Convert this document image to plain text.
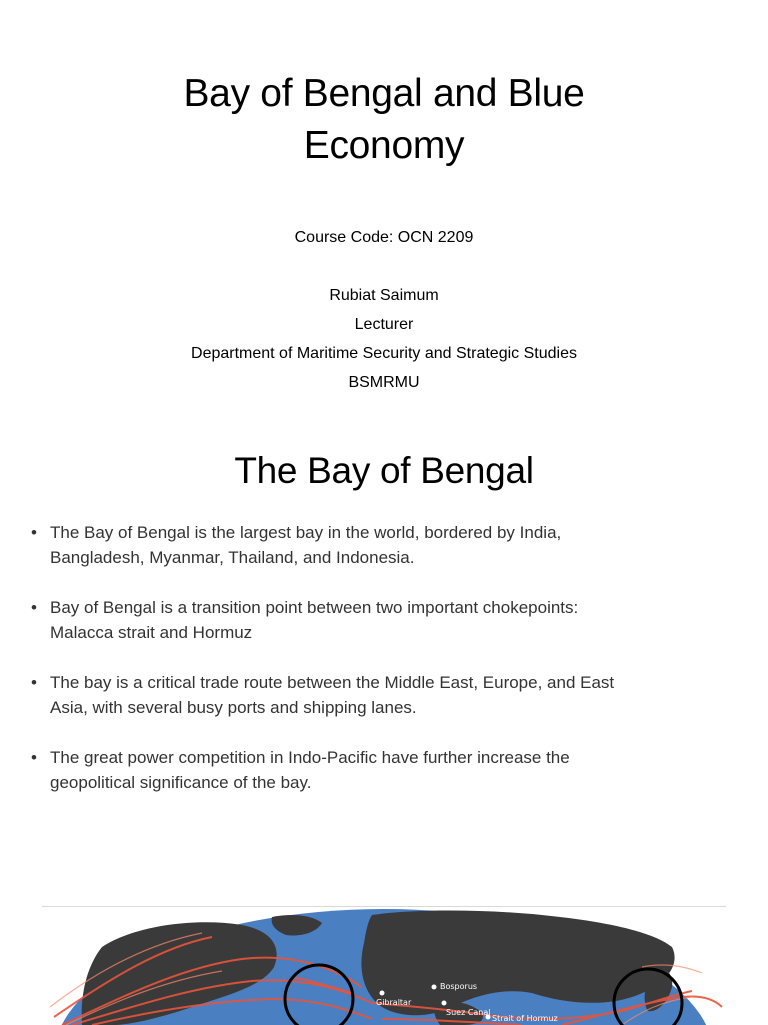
Bay of Bengal and Blue
Economy
Course Code: OCN 2209
Rubiat Saimum
Lecturer
Department of Maritime Security and Strategic Studies
BSMRMU
The Bay of Bengal
• The Bay of Bengal is the largest bay in the world, bordered by India,
Bangladesh, Myanmar, Thailand, and Indonesia.
• Bay of Bengal is a transition point between two important chokepoints:
Malacca strait and Hormuz
• The bay is a critical trade route between the Middle East, Europe, and East
Asia, with several busy ports and shipping lanes.
• The great power competition in Indo-Pacific have further increase the
geopolitical significance of the bay.
Gibraltar
Bosporus
Suez Canal
Strait of Hormuz
